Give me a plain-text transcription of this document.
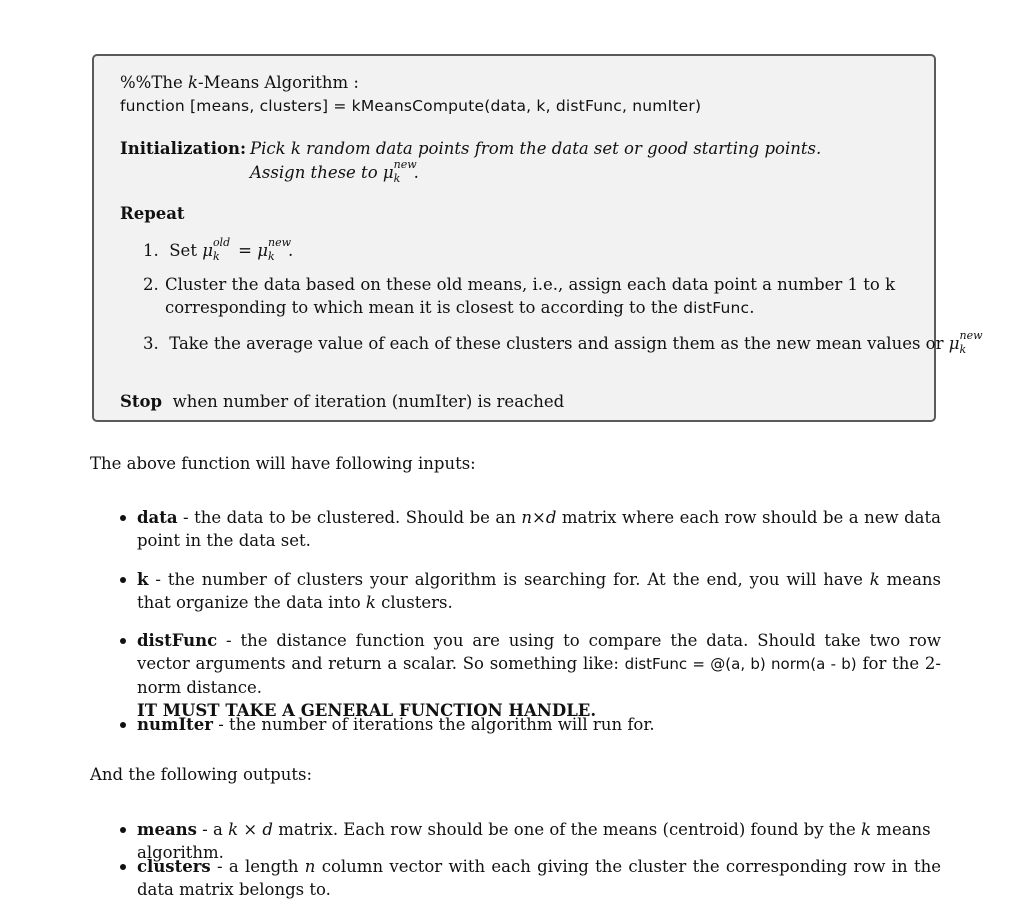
%%The k-Means Algorithm :
function [means, clusters] = kMeansCompute(data, k, distFunc, numIter)
Initialization: Pick k random data points from the data set or good starting points.
Assign these to μ new
k .
Repeat
1. Set μ old
k = μ new
k .
2. Cluster the data based on these old means, i.e., assign each data point a number 1 to k
corresponding to which mean it is closest to according to the distFunc.
3. Take the average value of each of these clusters and assign them as the new mean values or μ new
k
Stop when number of iteration (numIter) is reached
The above function will have following inputs:
data - the data to be clustered. Should be an n×d matrix where each row should be a new data point in the data set.
k - the number of clusters your algorithm is searching for. At the end, you will have k means that organize the data into k clusters.
distFunc - the distance function you are using to compare the data. Should take two row vector arguments and return a scalar. So something like: distFunc = @(a, b) norm(a - b) for the 2-norm distance.
IT MUST TAKE A GENERAL FUNCTION HANDLE.
numIter - the number of iterations the algorithm will run for.
And the following outputs:
means - a k × d matrix. Each row should be one of the means (centroid) found by the k means algorithm.
clusters - a length n column vector with each giving the cluster the corresponding row in the data matrix belongs to.
